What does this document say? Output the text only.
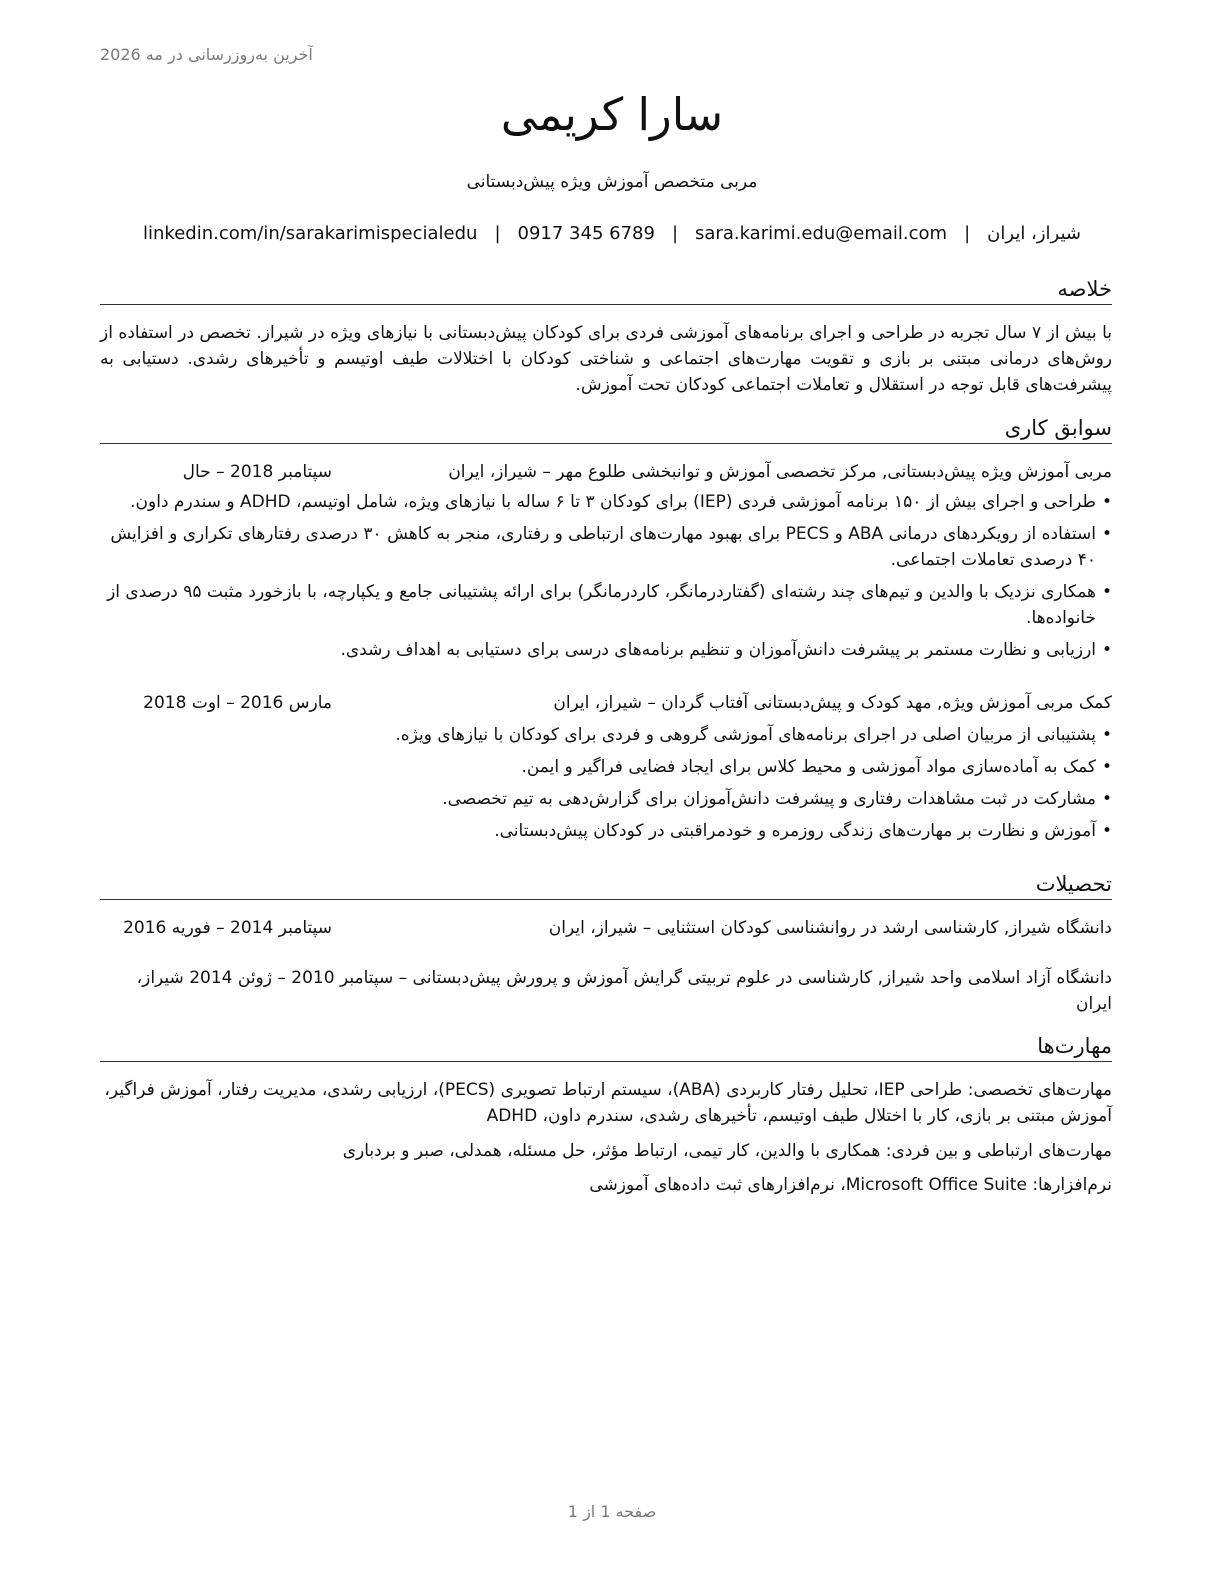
آخرین به‌روزرسانی در مه 2026
سارا کریمی
مربی متخصص آموزش ویژه پیش‌دبستانی
شیراز، ایران
|
sara.karimi.edu@email.com
|
0917 345 6789
|
linkedin.com/in/sarakarimispecialedu
خلاصه
با بیش از ۷ سال تجربه در طراحی و اجرای برنامه‌های آموزشی فردی برای کودکان پیش‌دبستانی با نیازهای ویژه در شیراز. تخصص در استفاده از روش‌های درمانی مبتنی بر بازی و تقویت مهارت‌های اجتماعی و شناختی کودکان با اختلالات طیف اوتیسم و تأخیرهای رشدی. دستیابی به پیشرفت‌های قابل توجه در استقلال و تعاملات اجتماعی کودکان تحت آموزش.
سوابق کاری
مربی آموزش ویژه پیش‌دبستانی, مرکز تخصصی آموزش و توانبخشی طلوع مهر – شیراز، ایران
سپتامبر 2018 – حال
• طراحی و اجرای بیش از ۱۵۰ برنامه آموزشی فردی (IEP) برای کودکان ۳ تا ۶ ساله با نیازهای ویژه، شامل اوتیسم، ADHD و سندرم داون.
• استفاده از رویکردهای درمانی ABA و PECS برای بهبود مهارت‌های ارتباطی و رفتاری، منجر به کاهش ۳۰ درصدی رفتارهای تکراری و افزایش ۴۰ درصدی تعاملات اجتماعی.
• همکاری نزدیک با والدین و تیم‌های چند رشته‌ای (گفتاردرمانگر، کاردرمانگر) برای ارائه پشتیبانی جامع و یکپارچه، با بازخورد مثبت ۹۵ درصدی از خانواده‌ها.
• ارزیابی و نظارت مستمر بر پیشرفت دانش‌آموزان و تنظیم برنامه‌های درسی برای دستیابی به اهداف رشدی.
کمک مربی آموزش ویژه, مهد کودک و پیش‌دبستانی آفتاب گردان – شیراز، ایران
مارس 2016 – اوت 2018
• پشتیبانی از مربیان اصلی در اجرای برنامه‌های آموزشی گروهی و فردی برای کودکان با نیازهای ویژه.
• کمک به آماده‌سازی مواد آموزشی و محیط کلاس برای ایجاد فضایی فراگیر و ایمن.
• مشارکت در ثبت مشاهدات رفتاری و پیشرفت دانش‌آموزان برای گزارش‌دهی به تیم تخصصی.
• آموزش و نظارت بر مهارت‌های زندگی روزمره و خودمراقبتی در کودکان پیش‌دبستانی.
تحصیلات
دانشگاه شیراز, کارشناسی ارشد در روانشناسی کودکان استثنایی – شیراز، ایران
سپتامبر 2014 – فوریه 2016
دانشگاه آزاد اسلامی واحد شیراز, کارشناسی در علوم تربیتی گرایش آموزش و پرورش پیش‌دبستانی – سپتامبر 2010 – ژوئن 2014 شیراز، ایران
مهارت‌ها
مهارت‌های تخصصی: طراحی IEP، تحلیل رفتار کاربردی (ABA)، سیستم ارتباط تصویری (PECS)، ارزیابی رشدی، مدیریت رفتار، آموزش فراگیر، آموزش مبتنی بر بازی، کار با اختلال طیف اوتیسم، تأخیرهای رشدی، سندرم داون، ADHD
مهارت‌های ارتباطی و بین فردی: همکاری با والدین، کار تیمی، ارتباط مؤثر، حل مسئله، همدلی، صبر و بردباری
نرم‌افزارها: Microsoft Office Suite، نرم‌افزارهای ثبت داده‌های آموزشی
صفحه 1 از 1
